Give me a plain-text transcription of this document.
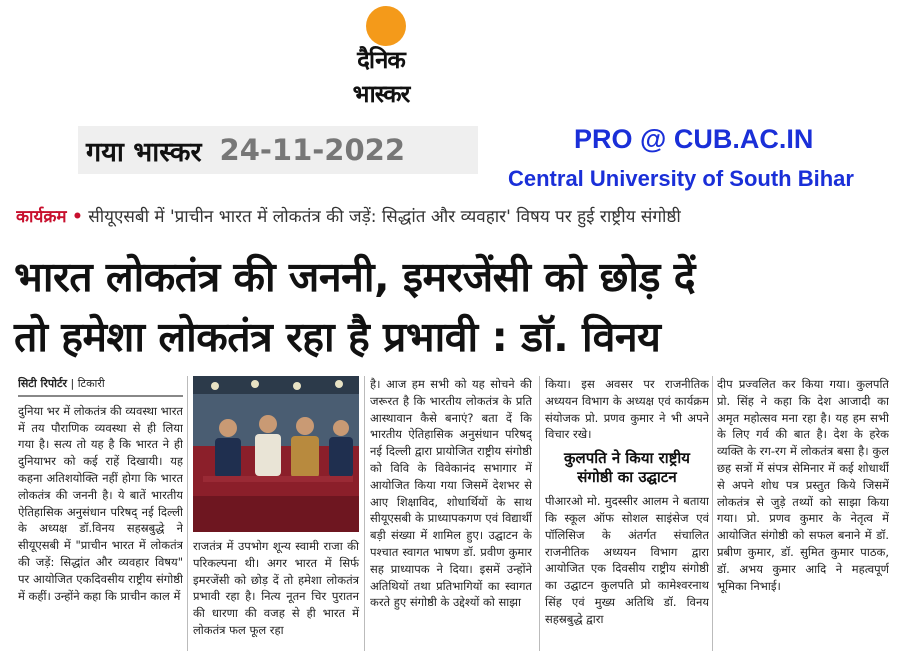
दैनिक
भास्कर
गया भास्कर 24-11-2022	PRO @ CUB.AC.IN
Central University of South Bihar
कार्यक्रम • सीयूएसबी में 'प्राचीन भारत में लोकतंत्र की जड़ें: सिद्धांत और व्यवहार' विषय पर हुई राष्ट्रीय संगोष्ठी
भारत लोकतंत्र की जननी, इमरजेंसी को छोड़ दें
तो हमेशा लोकतंत्र रहा है प्रभावी : डॉ. विनय
सिटी रिपोर्टर | टिकारी

दुनिया भर में लोकतंत्र की व्यवस्था भारत में तय पौराणिक व्यवस्था से ही लिया गया है। सत्य तो यह है कि भारत ने ही दुनियाभर को कई राहें दिखायी। यह कहना अतिशयोक्ति नहीं होगा कि भारत लोकतंत्र की जननी है। ये बातें भारतीय ऐतिहासिक अनुसंधान परिषद् नई दिल्ली के अध्यक्ष डॉ.विनय सहस्रबुद्धे ने सीयूएसबी में "प्राचीन भारत में लोकतंत्र की जड़ें: सिद्धांत और व्यवहार विषय" पर आयोजित एकदिवसीय राष्ट्रीय संगोष्ठी में कहीं। उन्होंने कहा कि प्राचीन काल में

राजतंत्र में उपभोग शून्य स्वामी राजा की परिकल्पना थी। अगर भारत में सिर्फ इमरजेंसी को छोड़ दें तो हमेशा लोकतंत्र प्रभावी रहा है। नित्य नूतन चिर पुरातन की धारणा की वजह से ही भारत में लोकतंत्र फल फूल रहा

है। आज हम सभी को यह सोचने की जरूरत है कि भारतीय लोकतंत्र के प्रति आस्थावान कैसे बनाएं? बता दें कि भारतीय ऐतिहासिक अनुसंधान परिषद् नई दिल्ली द्वारा प्रायोजित राष्ट्रीय संगोष्ठी को विवि के विवेकानंद सभागार में आयोजित किया गया जिसमें देशभर से आए शिक्षाविद, शोधार्थियों के साथ सीयूएसबी के प्राध्यापकगण एवं विद्यार्थी बड़ी संख्या में शामिल हुए। उद्घाटन के पश्चात स्वागत भाषण डॉ. प्रवीण कुमार सह प्राध्यापक ने दिया। इसमें उन्होंने अतिथियों तथा प्रतिभागियों का स्वागत करते हुए संगोष्ठी के उद्देश्यों को साझा

किया। इस अवसर पर राजनीतिक अध्ययन विभाग के अध्यक्ष एवं कार्यक्रम संयोजक प्रो. प्रणव कुमार ने भी अपने विचार रखे।

कुलपति ने किया राष्ट्रीय संगोष्ठी का उद्घाटन

पीआरओ मो. मुदस्सीर आलम ने बताया कि स्कूल ऑफ सोशल साइंसेज एवं पॉलिसिज के अंतर्गत संचालित राजनीतिक अध्ययन विभाग द्वारा आयोजित एक दिवसीय राष्ट्रीय संगोष्ठी का उद्घाटन कुलपति प्रो कामेश्वरनाथ सिंह एवं मुख्य अतिथि डॉ. विनय सहस्रबुद्धे द्वारा

दीप प्रज्वलित कर किया गया। कुलपति प्रो. सिंह ने कहा कि देश आजादी का अमृत महोत्सव मना रहा है। यह हम सभी के लिए गर्व की बात है। देश के हरेक व्यक्ति के रग-रग में लोकतंत्र बसा है। कुल छह सत्रों में संपत्र सेमिनार में कई शोधार्थी से अपने शोध पत्र प्रस्तुत किये जिसमें लोकतंत्र से जुड़े तथ्यों को साझा किया गया। प्रो. प्रणव कुमार के नेतृत्व में आयोजित संगोष्ठी को सफल बनाने में डॉ. प्रबीण कुमार, डॉ. सुमित कुमार पाठक, डॉ. अभय कुमार आदि ने महत्वपूर्ण भूमिका निभाई।
